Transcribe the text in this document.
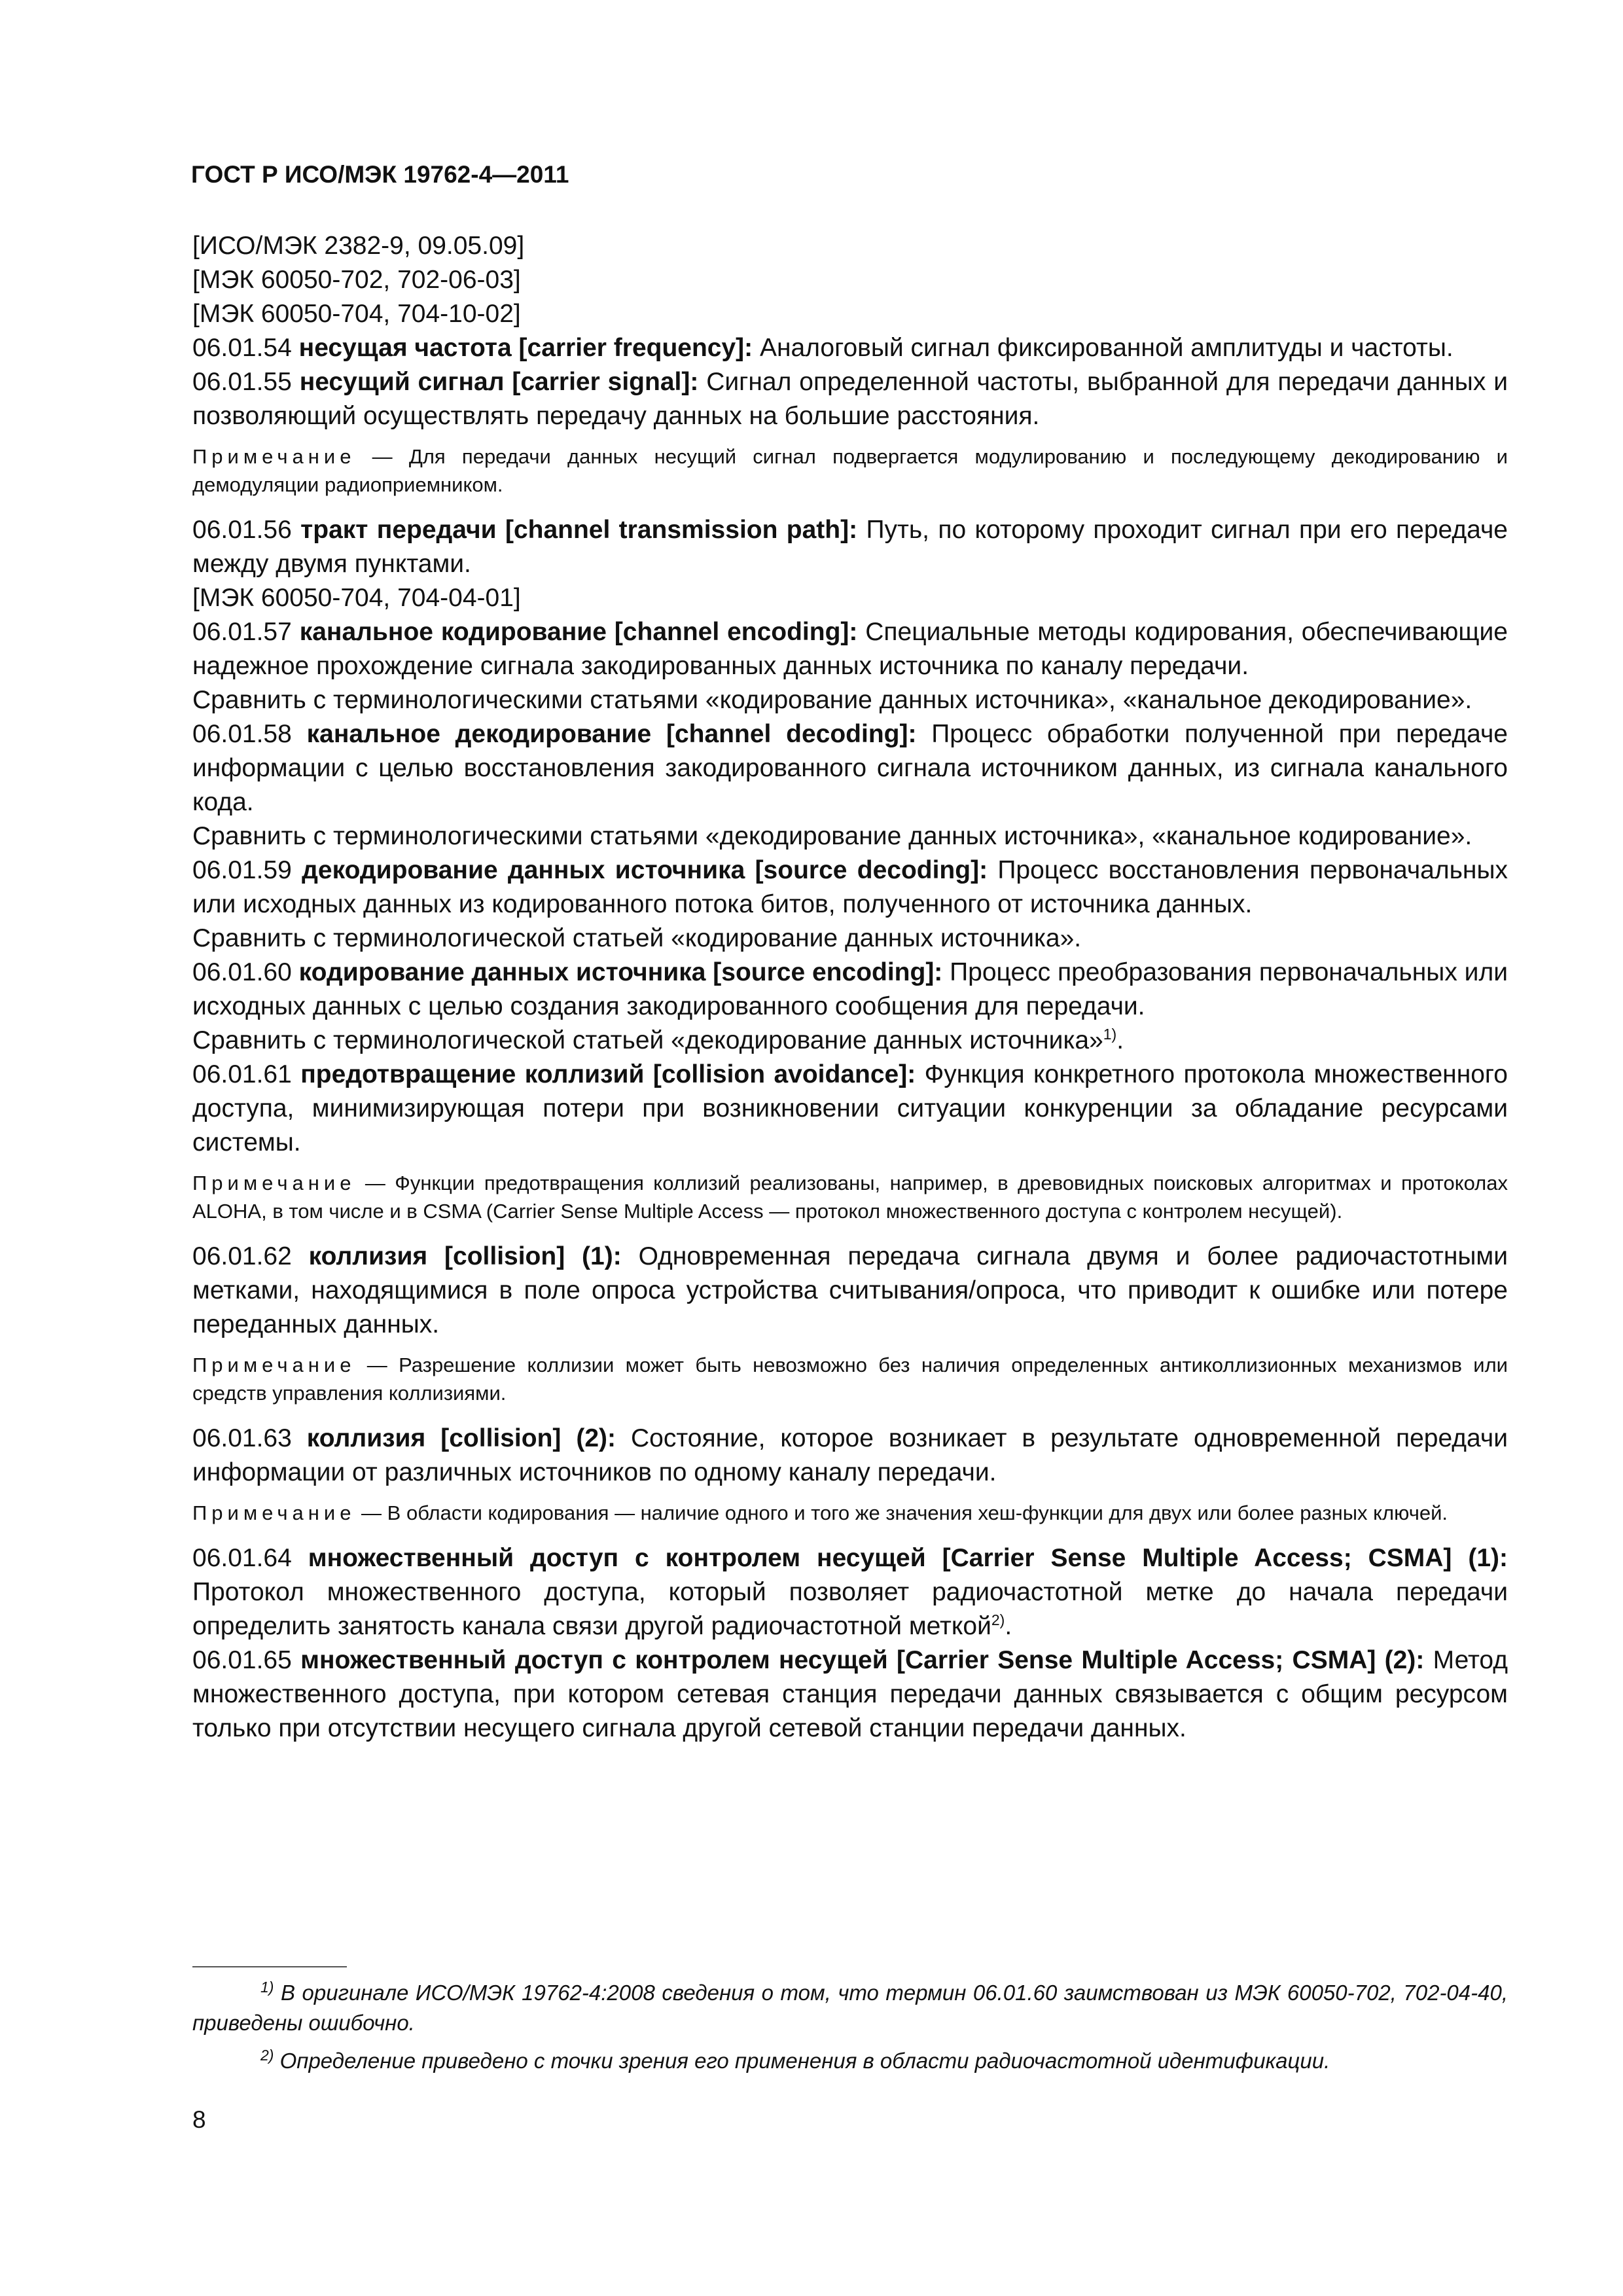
ГОСТ Р ИСО/МЭК 19762-4—2011

[ИСО/МЭК 2382-9, 09.05.09]

[МЭК 60050-702, 702-06-03]

[МЭК 60050-704, 704-10-02]

06.01.54 несущая частота [carrier frequency]: Аналоговый сигнал фиксированной амплитуды и частоты.

06.01.55 несущий сигнал [carrier signal]: Сигнал определенной частоты, выбранной для передачи данных и позволяющий осуществлять передачу данных на большие расстояния.

Примечание — Для передачи данных несущий сигнал подвергается модулированию и последующему декодированию и демодуляции радиоприемником.

06.01.56 тракт передачи [channel transmission path]: Путь, по которому проходит сигнал при его передаче между двумя пунктами.

[МЭК 60050-704, 704-04-01]

06.01.57 канальное кодирование [channel encoding]: Специальные методы кодирования, обеспечивающие надежное прохождение сигнала закодированных данных источника по каналу передачи.

Сравнить с терминологическими статьями «кодирование данных источника», «канальное декодирование».

06.01.58 канальное декодирование [channel decoding]: Процесс обработки полученной при передаче информации с целью восстановления закодированного сигнала источником данных, из сигнала канального кода.

Сравнить с терминологическими статьями «декодирование данных источника», «канальное кодирование».

06.01.59 декодирование данных источника [source decoding]: Процесс восстановления первоначальных или исходных данных из кодированного потока битов, полученного от источника данных.

Сравнить с терминологической статьей «кодирование данных источника».

06.01.60 кодирование данных источника [source encoding]: Процесс преобразования первоначальных или исходных данных с целью создания закодированного сообщения для передачи.

Сравнить с терминологической статьей «декодирование данных источника»$^{1)}$.

06.01.61 предотвращение коллизий [collision avoidance]: Функция конкретного протокола множественного доступа, минимизирующая потери при возникновении ситуации конкуренции за обладание ресурсами системы.

Примечание — Функции предотвращения коллизий реализованы, например, в древовидных поисковых алгоритмах и протоколах ALOHA, в том числе и в CSMA (Carrier Sense Multiple Access — протокол множественного доступа с контролем несущей).

06.01.62 коллизия [collision] (1): Одновременная передача сигнала двумя и более радиочастотными метками, находящимися в поле опроса устройства считывания/опроса, что приводит к ошибке или потере переданных данных.

Примечание — Разрешение коллизии может быть невозможно без наличия определенных антиколлизионных механизмов или средств управления коллизиями.

06.01.63 коллизия [collision] (2): Состояние, которое возникает в результате одновременной передачи информации от различных источников по одному каналу передачи.

Примечание — В области кодирования — наличие одного и того же значения хеш-функции для двух или более разных ключей.

06.01.64 множественный доступ с контролем несущей [Carrier Sense Multiple Access; CSMA] (1): Протокол множественного доступа, который позволяет радиочастотной метке до начала передачи определить занятость канала связи другой радиочастотной меткой$^{2)}$.

06.01.65 множественный доступ с контролем несущей [Carrier Sense Multiple Access; CSMA] (2): Метод множественного доступа, при котором сетевая станция передачи данных связывается с общим ресурсом только при отсутствии несущего сигнала другой сетевой станции передачи данных.

$^{1)}$ В оригинале ИСО/МЭК 19762-4:2008 сведения о том, что термин 06.01.60 заимствован из МЭК 60050-702, 702-04-40, приведены ошибочно.

$^{2)}$ Определение приведено с точки зрения его применения в области радиочастотной идентификации.

8
